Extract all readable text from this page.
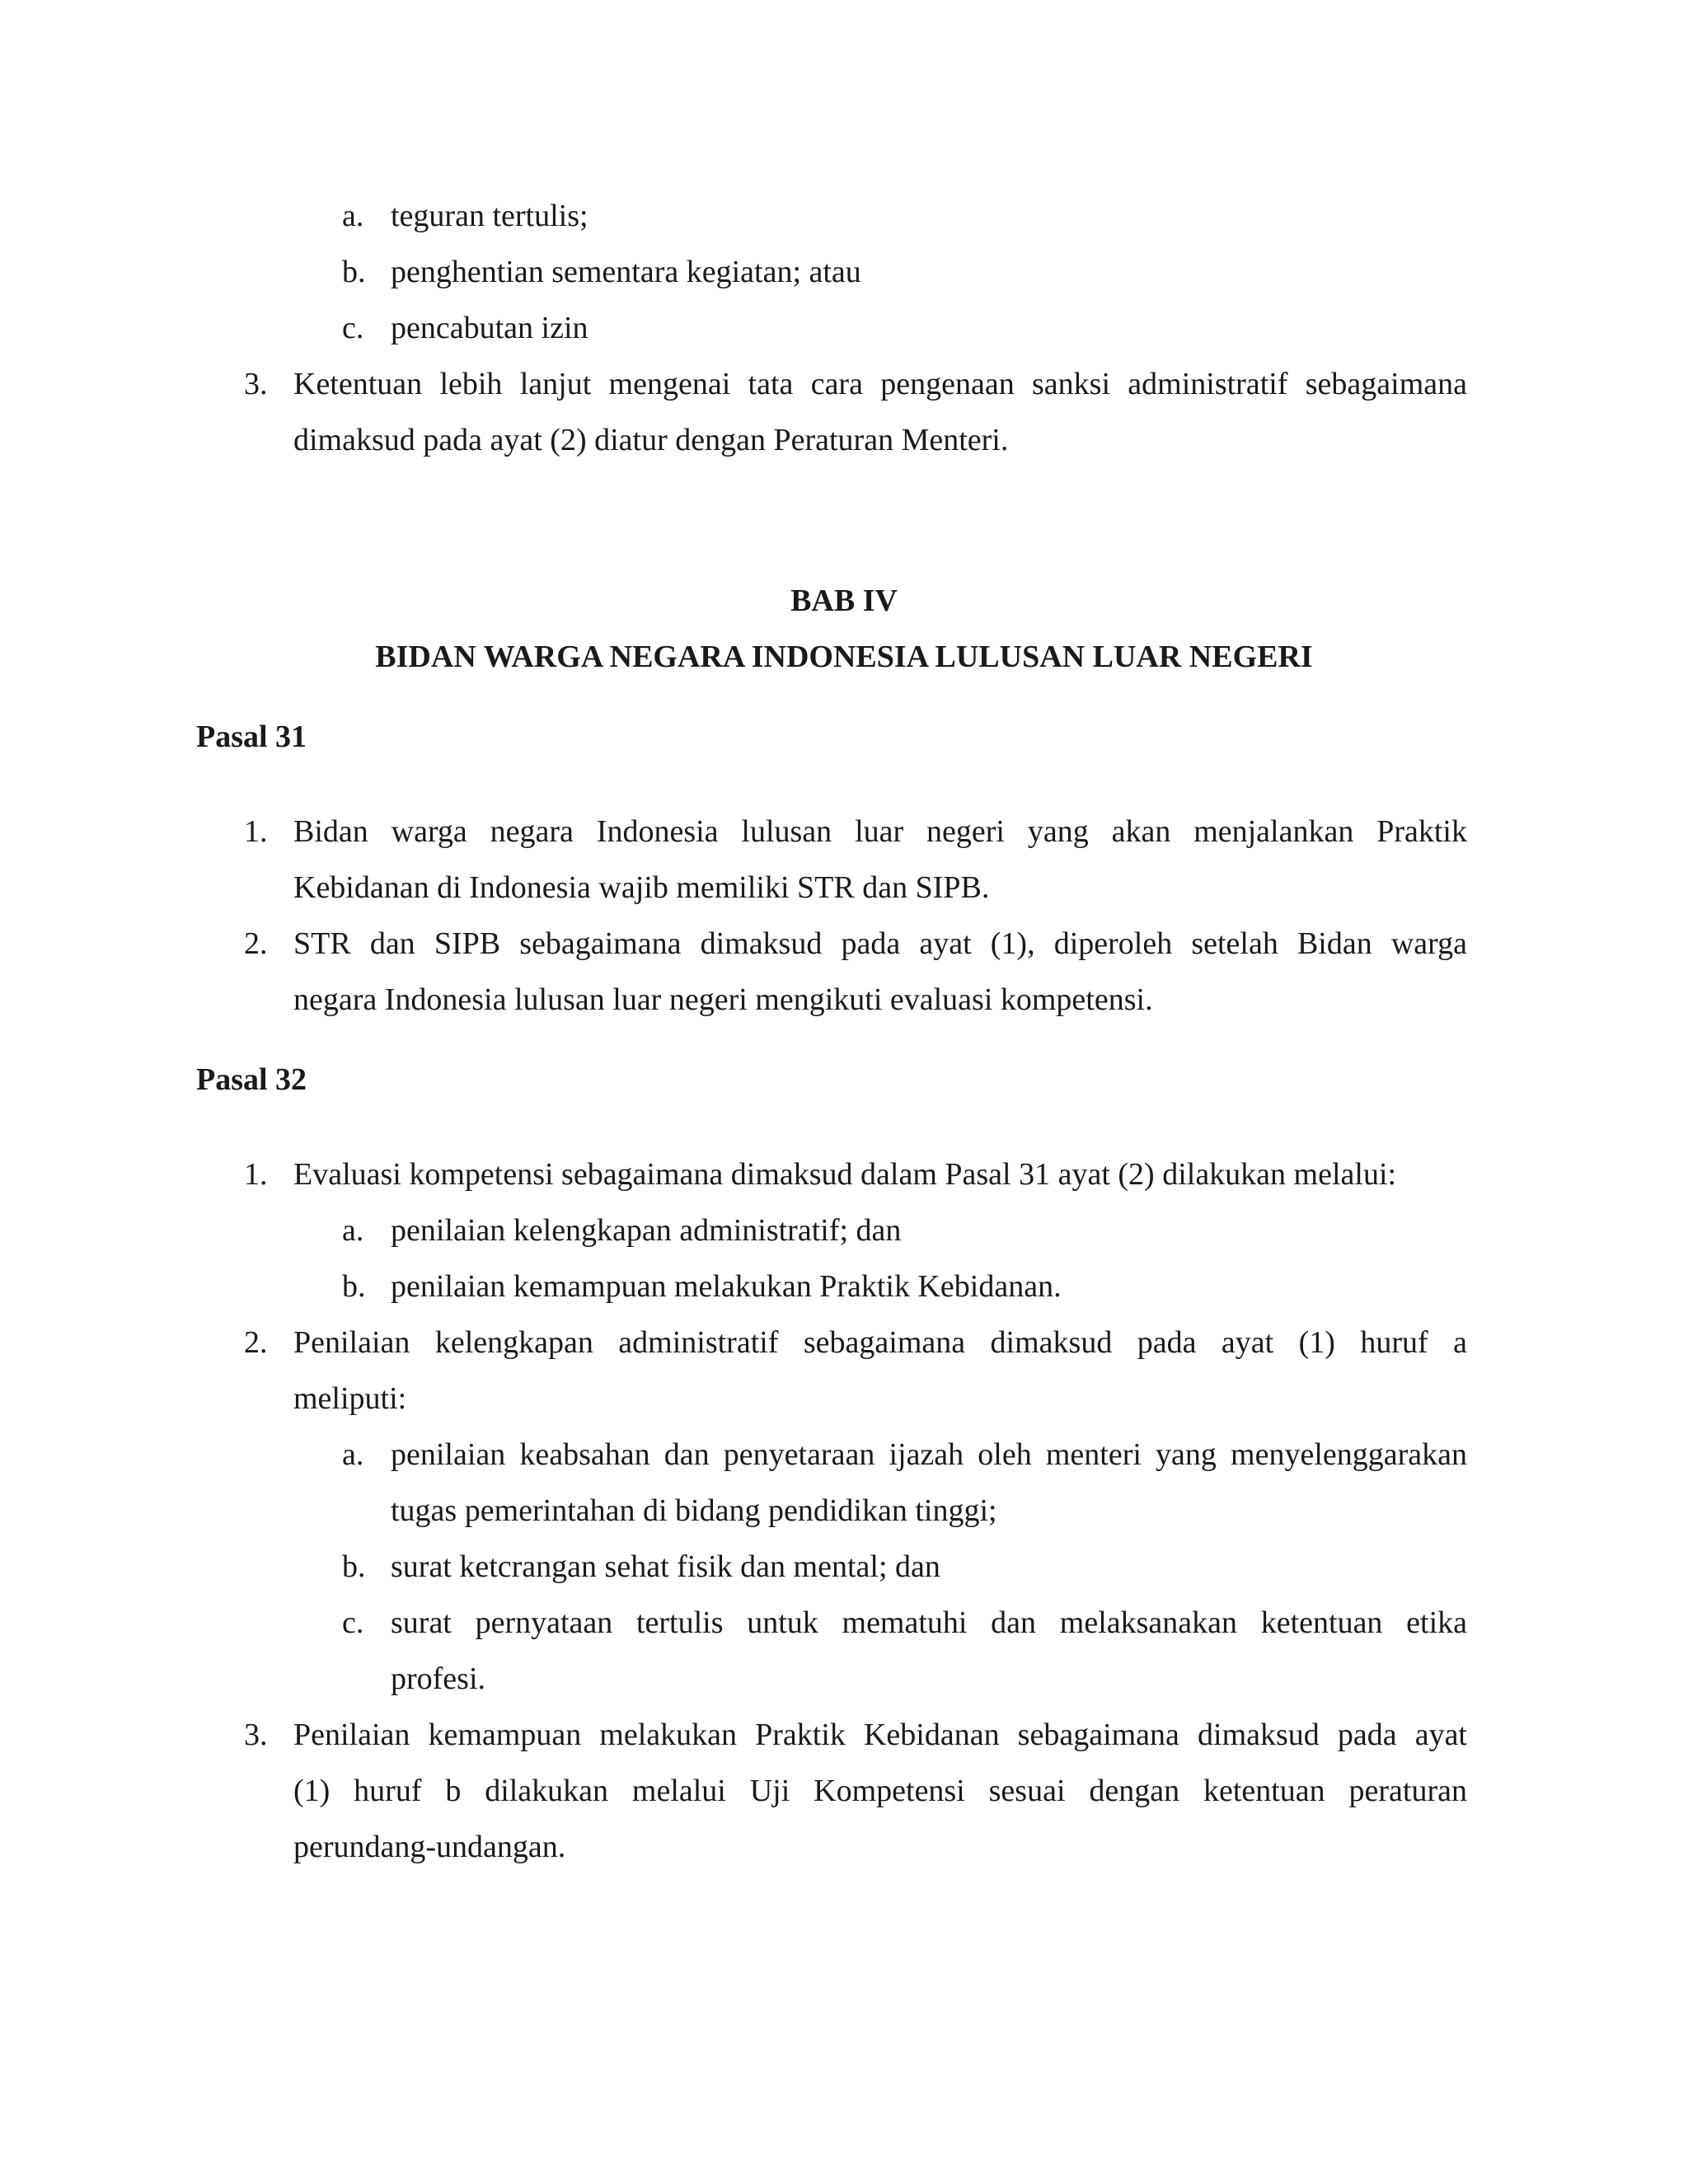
a. teguran tertulis;
b. penghentian sementara kegiatan; atau
c. pencabutan izin
3. Ketentuan lebih lanjut mengenai tata cara pengenaan sanksi administratif sebagaimana
dimaksud pada ayat (2) diatur dengan Peraturan Menteri.
BAB IV
BIDAN WARGA NEGARA INDONESIA LULUSAN LUAR NEGERI
Pasal 31
1. Bidan warga negara Indonesia lulusan luar negeri yang akan menjalankan Praktik
Kebidanan di Indonesia wajib memiliki STR dan SIPB.
2. STR dan SIPB sebagaimana dimaksud pada ayat (1), diperoleh setelah Bidan warga
negara Indonesia lulusan luar negeri mengikuti evaluasi kompetensi.
Pasal 32
1. Evaluasi kompetensi sebagaimana dimaksud dalam Pasal 31 ayat (2) dilakukan melalui:
a. penilaian kelengkapan administratif; dan
b. penilaian kemampuan melakukan Praktik Kebidanan.
2. Penilaian kelengkapan administratif sebagaimana dimaksud pada ayat (1) huruf a
meliputi:
a. penilaian keabsahan dan penyetaraan ijazah oleh menteri yang menyelenggarakan
tugas pemerintahan di bidang pendidikan tinggi;
b. surat ketcrangan sehat fisik dan mental; dan
c. surat pernyataan tertulis untuk mematuhi dan melaksanakan ketentuan etika
profesi.
3. Penilaian kemampuan melakukan Praktik Kebidanan sebagaimana dimaksud pada ayat
(1) huruf b dilakukan melalui Uji Kompetensi sesuai dengan ketentuan peraturan
perundang-undangan.
